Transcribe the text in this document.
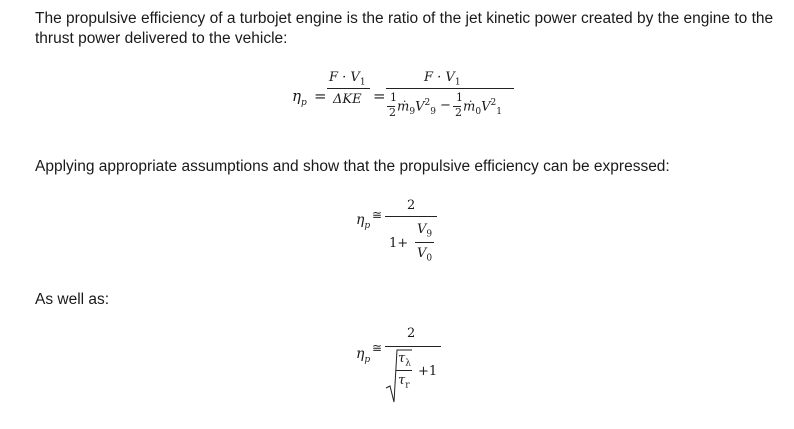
The propulsive efficiency of a turbojet engine is the ratio of the jet kinetic power created by the engine to the thrust power delivered to the vehicle:
Applying appropriate assumptions and show that the propulsive efficiency can be expressed:
As well as:
$\eta_p$ =
$F \cdot V_1$
ΔKE =
$F \cdot V_1$
1
2 $ṁ_9V^2_9$ −
1
2 $ṁ_0V^2_1$
$\eta_p$
≅
2
1+
$V_9$
$V_0$
$\eta_p$
≅
2
$\tau_\lambda$
$\tau_r$
+1
